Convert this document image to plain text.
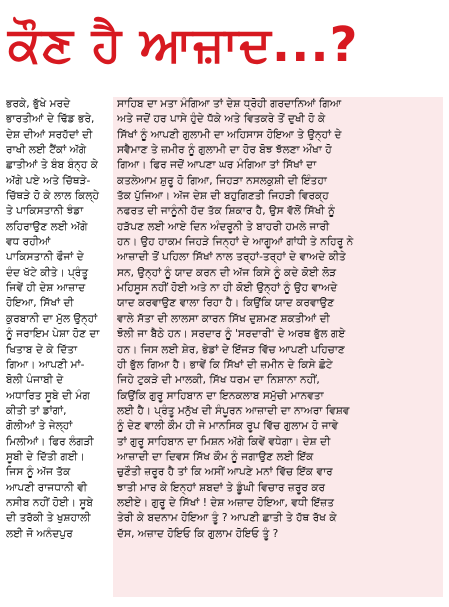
ਕੌਣ ਹੈ ਆਜ਼ਾਦ...?
ਭਰਕੇ, ਭੁੱਖੇ ਮਰਦੇ
ਭਾਰਤੀਆਂ ਦੇ ਢਿੱਡ ਭਰੇ,
ਦੇਸ਼ ਦੀਆਂ ਸਰਹੱਦਾਂ ਦੀ
ਰਾਖੀ ਲਈ ਟੈਂਕਾਂ ਅੱਗੇ
ਛਾਤੀਆਂ ਤੇ ਬੰਬ ਬੰਨ੍ਹ ਕੇ
ਅੱਗੇ ਪਏ ਅਤੇ ਚਿੱਥੜੇ-
ਚਿੱਥੜੇ ਹੋ ਕੇ ਲਾਲ ਕਿਲ੍ਹੇ
ਤੇ ਪਾਕਿਸਤਾਨੀ ਝੰਡਾ
ਲਹਿਰਾਉਣ ਲਈ ਅੱਗੇ
ਵਧ ਰਹੀਆਂ
ਪਾਕਿਸਤਾਨੀ ਫੌਜਾਂ ਦੇ
ਦੰਦ ਖੱਟੇ ਕੀਤੇ। ਪ੍ਰੰਤੂ
ਜਿਵੇਂ ਹੀ ਦੇਸ਼ ਆਜ਼ਾਦ
ਹੋਇਆ, ਸਿੱਖਾਂ ਦੀ
ਕੁਰਬਾਨੀ ਦਾ ਮੁੱਲ ਉਨ੍ਹਾਂ
ਨੂੰ ਜਰਾਇਮ ਪੇਸ਼ਾ ਹੋਣ ਦਾ
ਖਿਤਾਬ ਦੇ ਕੇ ਦਿੱਤਾ
ਗਿਆ। ਆਪਣੀ ਮਾਂ-
ਬੋਲੀ ਪੰਜਾਬੀ ਦੇ
ਅਧਾਰਿਤ ਸੂਬੇ ਦੀ ਮੰਗ
ਕੀਤੀ ਤਾਂ ਡਾਂਗਾਂ,
ਗੋਲੀਆਂ ਤੇ ਜੇਲ੍ਹਾਂ
ਮਿਲੀਆਂ। ਫਿਰ ਲੰਗੜੀ
ਸੂਬੀ ਦੇ ਦਿੱਤੀ ਗਈ।
ਜਿਸ ਨੂੰ ਅੱਜ ਤੱਕ
ਆਪਣੀ ਰਾਜਧਾਨੀ ਵੀ
ਨਸੀਬ ਨਹੀਂ ਹੋਈ। ਸੂਬੇ
ਦੀ ਤਰੱਕੀ ਤੇ ਖੁਸ਼ਹਾਲੀ
ਲਈ ਜੋ ਅਨੰਦਪੁਰ
ਸਾਹਿਬ ਦਾ ਮਤਾ ਮੰਗਿਆ ਤਾਂ ਦੇਸ਼ ਧ੍ਰੋਹੀ ਗਰਦਾਨਿਆਂ ਗਿਆ
ਅਤੇ ਜਦੋਂ ਹਰ ਪਾਸੇ ਹੁੰਦੇ ਧੱਕੇ ਅਤੇ ਵਿਤਕਰੇ ਤੋਂ ਦੁਖੀ ਹੋ ਕੇ
ਸਿੱਖਾਂ ਨੂੰ ਆਪਣੀ ਗੁਲਾਮੀ ਦਾ ਅਹਿਸਾਸ ਹੋਇਆ ਤੇ ਉਨ੍ਹਾਂ ਦੇ
ਸਵੈਮਾਣ ਤੇ ਜ਼ਮੀਰ ਨੂੰ ਗੁਲਾਮੀ ਦਾ ਹੋਰ ਬੋਝ ਝੱਲਣਾ ਔਖਾ ਹੋ
ਗਿਆ। ਫਿਰ ਜਦੋਂ ਆਪਣਾ ਘਰ ਮੰਗਿਆ ਤਾਂ ਸਿੱਖਾਂ ਦਾ
ਕਤਲੇਆਮ ਸ਼ੁਰੂ ਹੋ ਗਿਆ, ਜਿਹੜਾ ਨਸਲਕੁਸ਼ੀ ਦੀ ਇੰਤਹਾ
ਤੱਕ ਪੁੱਜਿਆ। ਅੱਜ ਦੇਸ਼ ਦੀ ਬਹੁਗਿਣਤੀ ਜਿਹੜੀ ਵਿਰਕ੍ਹ
ਨਫਰਤ ਦੀ ਜਾਨੂੰਨੀ ਹੱਦ ਤੱਕ ਸ਼ਿਕਾਰ ਹੈ, ਉਸ ਵੱਲੋਂ ਸਿੱਖੀ ਨੂੰ
ਹੜੱਪਣ ਲਈ ਆਏ ਦਿਨ ਅੰਦਰੂਨੀ ਤੇ ਬਾਹਰੀ ਹਮਲੇ ਜਾਰੀ
ਹਨ। ਉਹ ਹਾਕਮ ਜਿਹੜੇ ਜਿਨ੍ਹਾਂ ਦੇ ਆਗੂਆਂ ਗਾਂਧੀ ਤੇ ਨਹਿਰੂ ਨੇ
ਆਜ਼ਾਦੀ ਤੋਂ ਪਹਿਲਾ ਸਿੱਖਾਂ ਨਾਲ ਤਰ੍ਹਾਂ-ਤਰ੍ਹਾਂ ਦੇ ਵਾਅਦੇ ਕੀਤੇ
ਸਨ, ਉਨ੍ਹਾਂ ਨੂੰ ਯਾਦ ਕਰਨ ਦੀ ਅੱਜ ਕਿਸੇ ਨੂੰ ਕਦੇ ਕੋਈ ਲੋੜ
ਮਹਿਸੂਸ ਨਹੀਂ ਹੋਈ ਅਤੇ ਨਾ ਹੀ ਕੋਈ ਉਨ੍ਹਾਂ ਨੂੰ ਉਹ ਵਾਅਦੇ
ਯਾਦ ਕਰਵਾਉਣ ਵਾਲਾ ਰਿਹਾ ਹੈ। ਕਿਉਂਕਿ ਯਾਦ ਕਰਵਾਉਣ
ਵਾਲੇ ਸੱਤਾ ਦੀ ਲਾਲਸਾ ਕਾਰਨ ਸਿੱਖ ਦੁਸ਼ਮਣ ਸ਼ਕਤੀਆਂ ਦੀ
ਝੋਲੀ ਜਾ ਬੈਠੇ ਹਨ। ਸਰਦਾਰ ਨੂੰ 'ਸਰਦਾਰੀ' ਦੇ ਅਰਥ ਭੁੱਲ ਗਏ
ਹਨ। ਜਿਸ ਲਈ ਸ਼ੇਰ, ਭੇਡਾਂ ਦੇ ਇੱਜੜ ਵਿੱਚ ਆਪਣੀ ਪਹਿਚਾਣ
ਹੀ ਭੁੱਲ ਗਿਆ ਹੈ। ਭਾਵੇਂ ਕਿ ਸਿੱਖਾਂ ਦੀ ਜ਼ਮੀਨ ਦੇ ਕਿਸੇ ਛੋਟੇ
ਜਿਹੇ ਟੁਕੜੇ ਦੀ ਮਾਲਕੀ, ਸਿੱਖ ਧਰਮ ਦਾ ਨਿਸ਼ਾਨਾ ਨਹੀਂ,
ਕਿਉਂਕਿ ਗੁਰੂ ਸਾਹਿਬਾਨ ਦਾ ਇਨਕਲਾਬ ਸਮੁੱਚੀ ਮਾਨਵਤਾ
ਲਈ ਹੈ। ਪ੍ਰੰਤੂ ਮਨੁੱਖ ਦੀ ਸੰਪੂਰਨ ਆਜ਼ਾਦੀ ਦਾ ਨਾਅਰਾ ਵਿਸ਼ਵ
ਨੂੰ ਦੇਣ ਵਾਲੀ ਕੌਮ ਹੀ ਜੇ ਮਾਨਸਿਕ ਰੂਪ ਵਿੱਚ ਗੁਲਾਮ ਹੋ ਜਾਵੇ
ਤਾਂ ਗੁਰੂ ਸਾਹਿਬਾਨ ਦਾ ਮਿਸ਼ਨ ਅੱਗੇ ਕਿਵੇਂ ਵਧੇਗਾ। ਦੇਸ਼ ਦੀ
ਆਜ਼ਾਦੀ ਦਾ ਦਿਵਸ ਸਿੱਖ ਕੌਮ ਨੂੰ ਜਗਾਉਣ ਲਈ ਇੱਕ
ਚੁਣੌਤੀ ਜ਼ਰੂਰ ਹੈ ਤਾਂ ਕਿ ਅਸੀਂ ਆਪਣੇ ਮਨਾਂ ਵਿੱਚ ਇੱਕ ਵਾਰ
ਝਾਤੀ ਮਾਰ ਕੇ ਇਨ੍ਹਾਂ ਸ਼ਬਦਾਂ ਤੇ ਡੂੰਘੀ ਵਿਚਾਰ ਜ਼ਰੂਰ ਕਰ
ਲਈਏ। ਗੁਰੂ ਦੇ ਸਿੱਖਾਂ ! ਦੇਸ਼ ਅਜ਼ਾਦ ਹੋਇਆ, ਵਧੀ ਇੱਜ਼ਤ
ਤੇਰੀ ਕੇ ਬਦਨਾਮ ਹੋਇਆ ਤੂੰ ? ਆਪਣੀ ਛਾਤੀ ਤੇ ਹੱਥ ਰੱਖ ਕੇ
ਦੱਸ, ਅਜ਼ਾਦ ਹੋਇਓ ਕਿ ਗੁਲਾਮ ਹੋਇਓ ਤੂੰ ?
